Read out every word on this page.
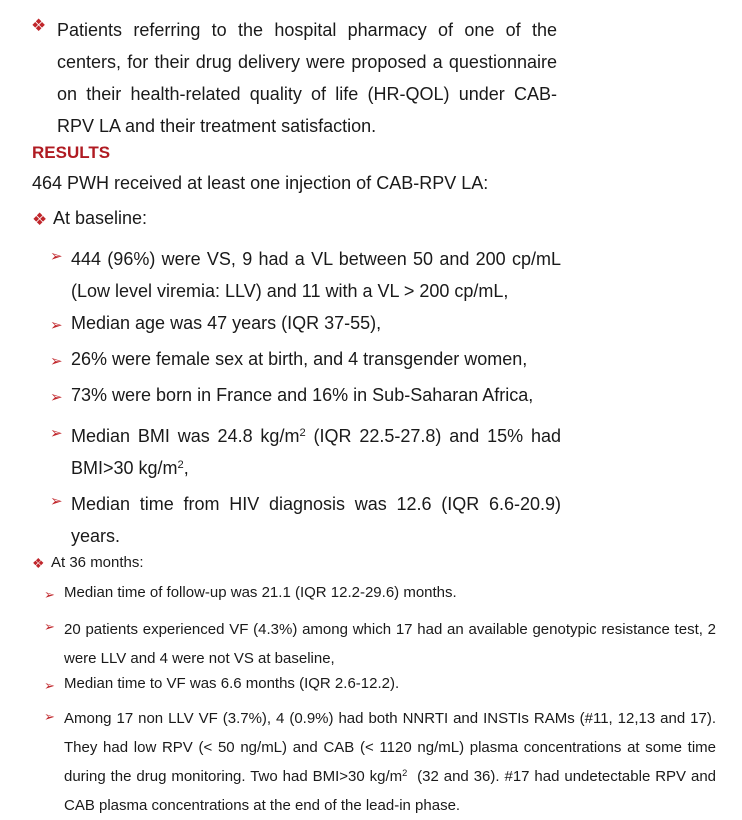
❖ Patients referring to the hospital pharmacy of one of the centers, for their drug delivery were proposed a questionnaire on their health-related quality of life (HR-QOL) under CAB-RPV LA and their treatment satisfaction.
RESULTS
464 PWH received at least one injection of CAB-RPV LA:
❖ At baseline:
➢ 444 (96%) were VS, 9 had a VL between 50 and 200 cp/mL (Low level viremia: LLV) and 11 with a VL > 200 cp/mL,
➢ Median age was 47 years (IQR 37-55),
➢ 26% were female sex at birth, and 4 transgender women,
➢ 73% were born in France and 16% in Sub-Saharan Africa,
➢ Median BMI was 24.8 $kg/m^2$ (IQR 22.5-27.8) and 15% had BMI>30 $kg/m^2$,
➢ Median time from HIV diagnosis was 12.6 (IQR 6.6-20.9) years.
❖ At 36 months:
➢ Median time of follow-up was 21.1 (IQR 12.2-29.6) months.
➢ 20 patients experienced VF (4.3%) among which 17 had an available genotypic resistance test, 2 were LLV and 4 were not VS at baseline,
➢ Median time to VF was 6.6 months (IQR 2.6-12.2).
➢ Among 17 non LLV VF (3.7%), 4 (0.9%) had both NNRTI and INSTIs RAMs (#11, 12,13 and 17). They had low RPV (< 50 ng/mL) and CAB (< 1120 ng/mL) plasma concentrations at some time during the drug monitoring. Two had BMI>30 $kg/m^2$  (32 and 36). #17 had undetectable RPV and CAB plasma concentrations at the end of the lead-in phase.
